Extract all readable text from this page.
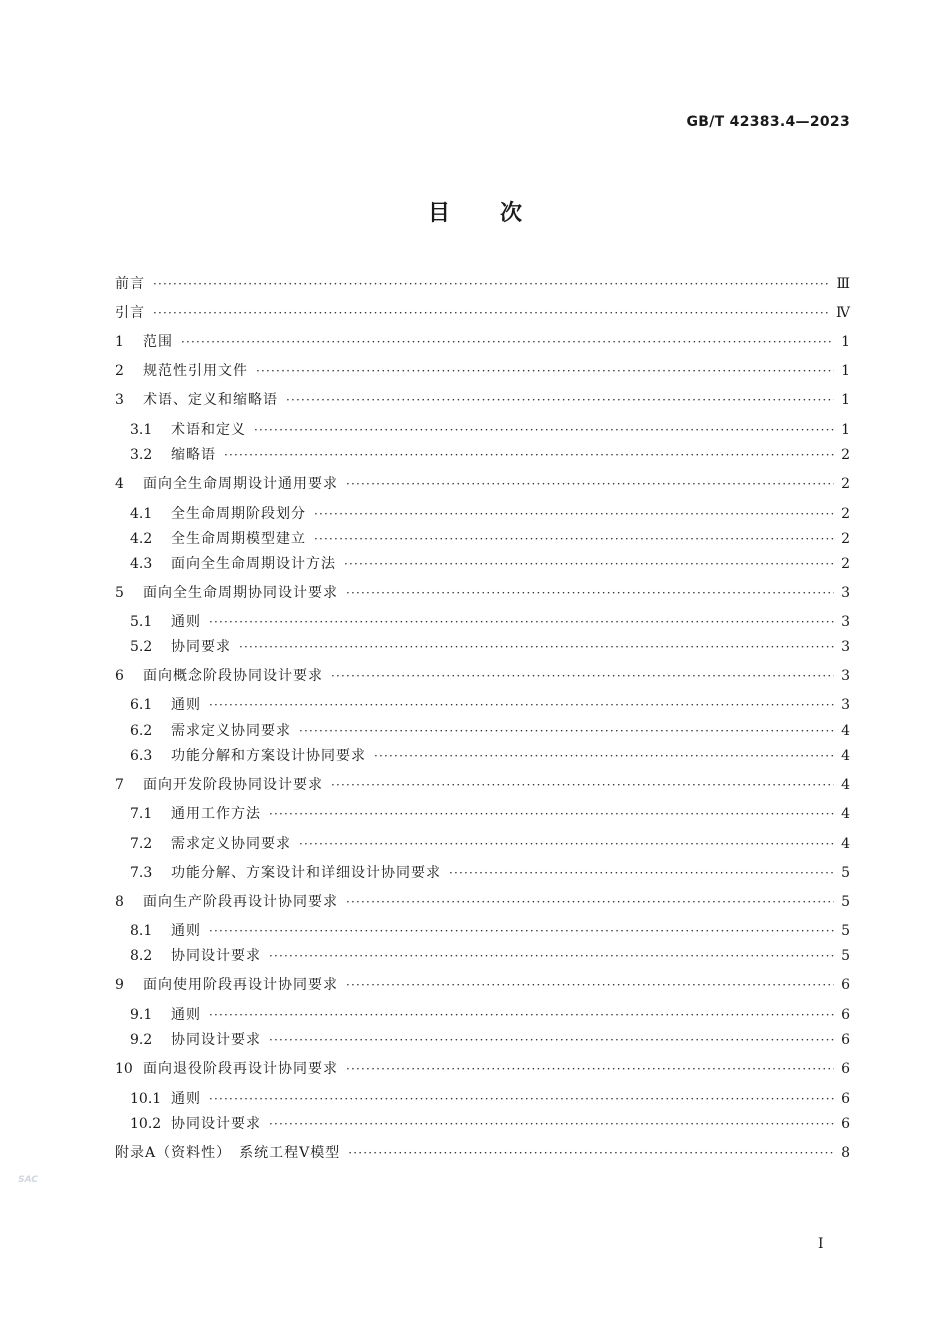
GB/T 42383.4—2023
目次
前言 ·····	Ⅲ
引言 ·····	Ⅳ
1	范围 ·····	1
2	规范性引用文件 ·····	1
3	术语、定义和缩略语 ·····	1
3.1	术语和定义 ·····	1
3.2	缩略语 ·····	2
4	面向全生命周期设计通用要求 ·····	2
4.1	全生命周期阶段划分 ·····	2
4.2	全生命周期模型建立 ·····	2
4.3	面向全生命周期设计方法 ·····	2
5	面向全生命周期协同设计要求 ·····	3
5.1	通则 ·····	3
5.2	协同要求 ·····	3
6	面向概念阶段协同设计要求 ·····	3
6.1	通则 ·····	3
6.2	需求定义协同要求 ·····	4
6.3	功能分解和方案设计协同要求 ·····	4
7	面向开发阶段协同设计要求 ·····	4
7.1	通用工作方法 ·····	4
7.2	需求定义协同要求 ·····	4
7.3	功能分解、方案设计和详细设计协同要求 ·····	5
8	面向生产阶段再设计协同要求 ·····	5
8.1	通则 ·····	5
8.2	协同设计要求 ·····	5
9	面向使用阶段再设计协同要求 ·····	6
9.1	通则 ·····	6
9.2	协同设计要求 ·····	6
10 面向退役阶段再设计协同要求 ·····	6
10.1 通则 ·····	6
10.2 协同设计要求 ·····	6
附录A（资料性）　系统工程V模型 ·····	8
SAC
Ⅰ
